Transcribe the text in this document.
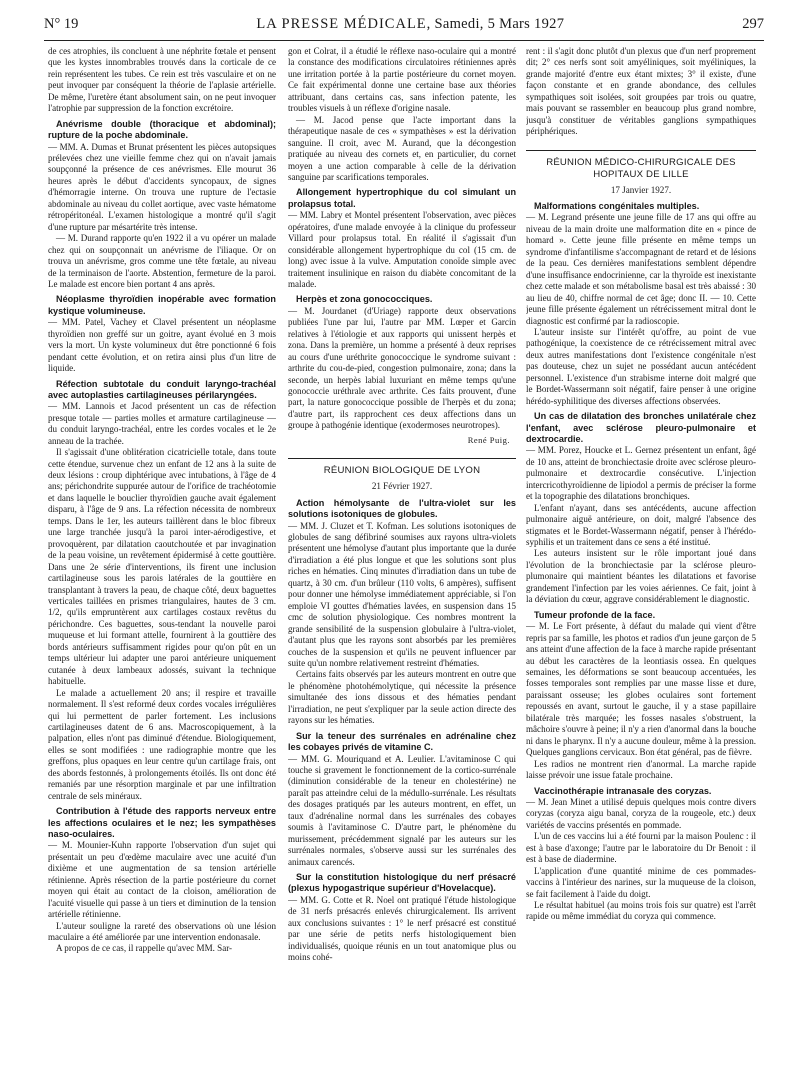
N° 19	LA PRESSE MÉDICALE, Samedi, 5 Mars 1927	297

de ces atrophies, ils concluent à une néphrite fœtale et pensent que les kystes innombrables trouvés dans la corticale de ce rein représentent les tubes. Ce rein est très vasculaire et on ne peut invoquer par conséquent la théorie de l'aplasie artérielle. De même, l'uretère étant absolument sain, on ne peut invoquer l'atrophie par suppression de la fonction excrétoire.

Anévrisme double (thoracique et abdominal); rupture de la poche abdominale.

— MM. A. Dumas et Brunat présentent les pièces autopsiques prélevées chez une vieille femme chez qui on n'avait jamais soupçonné la présence de ces anévrismes. Elle mourut 36 heures après le début d'accidents syncopaux, de signes d'hémorragie interne. On trouva une rupture de l'ectasie abdominale au niveau du collet aortique, avec vaste hématome rétropéritonéal. L'examen histologique a montré qu'il s'agit d'une rupture par mésartérite très intense.

— M. Durand rapporte qu'en 1922 il a vu opérer un malade chez qui on soupçonnait un anévrisme de l'iliaque. Or on trouva un anévrisme, gros comme une tête fœtale, au niveau de la terminaison de l'aorte. Abstention, fermeture de la paroi. Le malade est encore bien portant 4 ans après.

Néoplasme thyroïdien inopérable avec formation kystique volumineuse.

— MM. Patel, Vachey et Clavel présentent un néoplasme thyroïdien non greffé sur un goitre, ayant évolué en 3 mois vers la mort. Un kyste volumineux dut être ponctionné 6 fois pendant cette évolution, et on retira ainsi plus d'un litre de liquide.

Réfection subtotale du conduit laryngo-trachéal avec autoplasties cartilagineuses périlaryngées.

— MM. Lannois et Jacod présentent un cas de réfection presque totale — parties molles et armature cartilagineuse — du conduit laryngo-trachéal, entre les cordes vocales et le 2e anneau de la trachée.

Il s'agissait d'une oblitération cicatricielle totale, dans toute cette étendue, survenue chez un enfant de 12 ans à la suite de deux lésions : croup diphtérique avec intubations, à l'âge de 4 ans; périchondrite suppurée autour de l'orifice de trachéotomie et dans laquelle le bouclier thyroïdien gauche avait également disparu, à l'âge de 9 ans. La réfection nécessita de nombreux temps. Dans le 1er, les auteurs taillèrent dans le bloc fibreux une large tranchée jusqu'à la paroi inter-aérodigestive, et provoquèrent, par dilatation caoutchoutée et par invagination de la peau voisine, un revêtement épidermisé à cette gouttière. Dans une 2e série d'interventions, ils firent une inclusion cartilagineuse sous les parois latérales de la gouttière en transplantant à travers la peau, de chaque côté, deux baguettes verticales taillées en prismes triangulaires, hautes de 3 cm. 1/2, qu'ils empruntèrent aux cartilages costaux revêtus du périchondre. Ces baguettes, sous-tendant la nouvelle paroi muqueuse et lui formant attelle, fournirent à la gouttière des bords antérieurs suffisamment rigides pour qu'on pût en un temps ultérieur lui adapter une paroi antérieure uniquement cutanée à deux lambeaux adossés, suivant la technique habituelle.

Le malade a actuellement 20 ans; il respire et travaille normalement. Il s'est reformé deux cordes vocales irrégulières qui lui permettent de parler fortement. Les inclusions cartilagineuses datent de 6 ans. Macroscopiquement, à la palpation, elles n'ont pas diminué d'étendue. Biologiquement, elles se sont modifiées : une radiographie montre que les greffons, plus opaques en leur centre qu'un cartilage frais, ont des abords festonnés, à prolongements étoilés. Ils ont donc été remaniés par une résorption marginale et par une infiltration centrale de sels minéraux.

Contribution à l'étude des rapports nerveux entre les affections oculaires et le nez; les sympathèses naso-oculaires.

— M. Mounier-Kuhn rapporte l'observation d'un sujet qui présentait un peu d'œdème maculaire avec une acuité d'un dixième et une augmentation de sa tension artérielle rétinienne. Après résection de la partie postérieure du cornet moyen qui était au contact de la cloison, amélioration de l'acuité visuelle qui passe à un tiers et diminution de la tension artérielle rétinienne.

L'auteur souligne la rareté des observations où une lésion maculaire a été améliorée par une intervention endonasale.

A propos de ce cas, il rappelle qu'avec MM. Sar-

gon et Colrat, il a étudié le réflexe naso-oculaire qui a montré la constance des modifications circulatoires rétiniennes après une irritation portée à la partie postérieure du cornet moyen. Ce fait expérimental donne une certaine base aux théories attribuant, dans certains cas, sans infection patente, les troubles visuels à un réflexe d'origine nasale.

— M. Jacod pense que l'acte important dans la thérapeutique nasale de ces « sympathèses » est la dérivation sanguine. Il croit, avec M. Aurand, que la décongestion pratiquée au niveau des cornets et, en particulier, du cornet moyen a une action comparable à celle de la dérivation sanguine par scarifications temporales.

Allongement hypertrophique du col simulant un prolapsus total.

— MM. Labry et Montel présentent l'observation, avec pièces opératoires, d'une malade envoyée à la clinique du professeur Villard pour prolapsus total. En réalité il s'agissait d'un considérable allongement hypertrophique du col (15 cm. de long) avec issue à la vulve. Amputation conoïde simple avec traitement insulinique en raison du diabète concomitant de la malade.

Herpès et zona gonococciques.

— M. Jourdanet (d'Uriage) rapporte deux observations publiées l'une par lui, l'autre par MM. Lœper et Garcin relatives à l'étiologie et aux rapports qui unissent herpès et zona. Dans la première, un homme a présenté à deux reprises au cours d'une uréthrite gonococcique le syndrome suivant : arthrite du cou-de-pied, congestion pulmonaire, zona; dans la seconde, un herpès labial luxuriant en même temps qu'une gonococcie uréthrale avec arthrite. Ces faits prouvent, d'une part, la nature gonococcique possible de l'herpès et du zona; d'autre part, ils rapprochent ces deux affections dans un groupe à pathogénie identique (exodermoses neurotropes).

René Puig.
RÉUNION BIOLOGIQUE DE LYON
21 Février 1927.
Action hémolysante de l'ultra-violet sur les solutions isotoniques de globules.

— MM. J. Cluzet et T. Kofman. Les solutions isotoniques de globules de sang défibriné soumises aux rayons ultra-violets présentent une hémolyse d'autant plus importante que la durée d'irradiation a été plus longue et que les solutions sont plus riches en hématies. Cinq minutes d'irradiation dans un tube de quartz, à 30 cm. d'un brûleur (110 volts, 6 ampères), suffisent pour donner une hémolyse immédiatement appréciable, si l'on emploie VI gouttes d'hématies lavées, en suspension dans 15 cmc de solution physiologique. Ces nombres montrent la grande sensibilité de la suspension globulaire à l'ultra-violet, d'autant plus que les rayons sont absorbés par les premières couches de la suspension et qu'ils ne peuvent influencer par suite qu'un nombre relativement restreint d'hématies.

Certains faits observés par les auteurs montrent en outre que le phénomène photohémolytique, qui nécessite la présence simultanée des ions dissous et des hématies pendant l'irradiation, ne peut s'expliquer par la seule action directe des rayons sur les hématies.

Sur la teneur des surrénales en adrénaline chez les cobayes privés de vitamine C.

— MM. G. Mouriquand et A. Leulier. L'avitaminose C qui touche si gravement le fonctionnement de la cortico-surrénale (diminution considérable de la teneur en cholestérine) ne paraît pas atteindre celui de la médullo-surrénale. Les résultats des dosages pratiqués par les auteurs montrent, en effet, un taux d'adrénaline normal dans les surrénales des cobayes soumis à l'avitaminose C. D'autre part, le phénomène du murissement, précédemment signalé par les auteurs sur les surrénales normales, s'observe aussi sur les surrénales des animaux carencés.

Sur la constitution histologique du nerf présacré (plexus hypogastrique supérieur d'Hovelacque).

— MM. G. Cotte et R. Noel ont pratiqué l'étude histologique de 31 nerfs présacrés enlevés chirurgicalement. Ils arrivent aux conclusions suivantes : 1° le nerf présacré est constitué par une série de petits nerfs histologiquement bien individualisés, quoique réunis en un tout anatomique plus ou moins cohé-

rent : il s'agit donc plutôt d'un plexus que d'un nerf proprement dit; 2° ces nerfs sont soit amyéliniques, soit myéliniques, la grande majorité d'entre eux étant mixtes; 3° il existe, d'une façon constante et en grande abondance, des cellules sympathiques soit isolées, soit groupées par trois ou quatre, mais pouvant se rassembler en beaucoup plus grand nombre, jusqu'à constituer de véritables ganglions sympathiques périphériques.

RÉUNION MÉDICO-CHIRURGICALE DES HOPITAUX DE LILLE
17 Janvier 1927.
Malformations congénitales multiples.

— M. Legrand présente une jeune fille de 17 ans qui offre au niveau de la main droite une malformation dite en « pince de homard ». Cette jeune fille présente en même temps un syndrome d'infantilisme s'accompagnant de retard et de lésions de la peau. Ces dernières manifestations semblent dépendre d'une insuffisance endocrinienne, car la thyroïde est inexistante chez cette malade et son métabolisme basal est très abaissé : 30 au lieu de 40, chiffre normal de cet âge; donc II. — 10. Cette jeune fille présente également un rétrécissement mitral dont le diagnostic est confirmé par la radioscopie.

L'auteur insiste sur l'intérêt qu'offre, au point de vue pathogénique, la coexistence de ce rétrécissement mitral avec deux autres manifestations dont l'existence congénitale n'est pas douteuse, chez un sujet ne possédant aucun antécédent personnel. L'existence d'un strabisme interne doit malgré que le Bordet-Wassermann soit négatif, faire penser à une origine hérédo-syphilitique des diverses affections observées.

Un cas de dilatation des bronches unilatérale chez l'enfant, avec sclérose pleuro-pulmonaire et dextrocardie.

— MM. Porez, Houcke et L. Gernez présentent un enfant, âgé de 10 ans, atteint de bronchiectasie droite avec sclérose pleuro-pulmonaire et dextrocardie consécutive. L'injection intercricothyroïdienne de lipiodol a permis de préciser la forme et la topographie des dilatations bronchiques.

L'enfant n'ayant, dans ses antécédents, aucune affection pulmonaire aiguë antérieure, on doit, malgré l'absence des stigmates et le Bordet-Wassermann négatif, penser à l'hérédo-syphilis et un traitement dans ce sens a été institué.

Les auteurs insistent sur le rôle important joué dans l'évolution de la bronchiectasie par la sclérose pleuro-plumonaire qui maintient béantes les dilatations et favorise grandement l'infection par les voies aériennes. Ce fait, joint à la déviation du cœur, aggrave considérablement le diagnostic.

Tumeur profonde de la face.

— M. Le Fort présente, à défaut du malade qui vient d'être repris par sa famille, les photos et radios d'un jeune garçon de 5 ans atteint d'une affection de la face à marche rapide présentant au début les caractères de la leontiasis ossea. En quelques semaines, les déformations se sont beaucoup accentuées, les fosses temporales sont remplies par une masse lisse et dure, paraissant osseuse; les globes oculaires sont fortement repoussés en avant, surtout le gauche, il y a stase papillaire bilatérale très marquée; les fosses nasales s'obstruent, la mâchoire s'ouvre à peine; il n'y a rien d'anormal dans la bouche ni dans le pharynx. Il n'y a aucune douleur, même à la pression. Quelques ganglions cervicaux. Bon état général, pas de fièvre.

Les radios ne montrent rien d'anormal. La marche rapide laisse prévoir une issue fatale prochaine.

Vaccinothérapie intranasale des coryzas.

— M. Jean Minet a utilisé depuis quelques mois contre divers coryzas (coryza aigu banal, coryza de la rougeole, etc.) deux variétés de vaccins présentés en pommade.

L'un de ces vaccins lui a été fourni par la maison Poulenc : il est à base d'axonge; l'autre par le laboratoire du Dr Benoit : il est à base de diadermine.

L'application d'une quantité minime de ces pommades-vaccins à l'intérieur des narines, sur la muqueuse de la cloison, se fait facilement à l'aide du doigt.

Le résultat habituel (au moins trois fois sur quatre) est l'arrêt rapide ou même immédiat du coryza qui commence.
